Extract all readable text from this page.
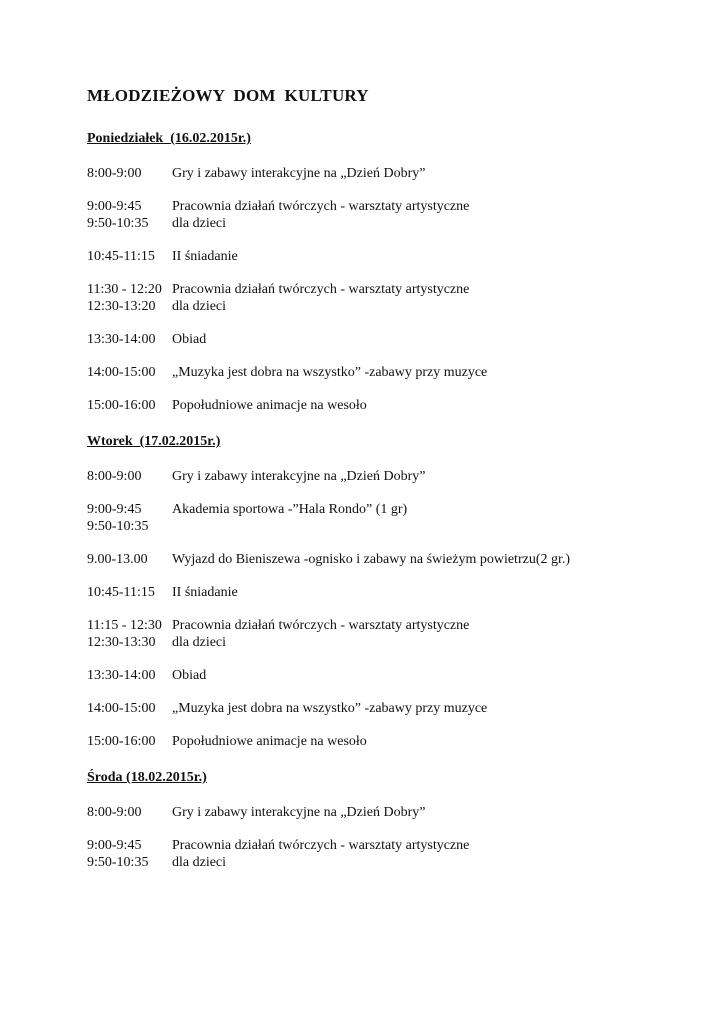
MŁODZIEŻOWY  DOM  KULTURY
Poniedziałek  (16.02.2015r.)
8:00-9:00	Gry i zabawy interakcyjne na „Dzień Dobry”
9:00-9:45	Pracownia działań twórczych - warsztaty artystyczne
9:50-10:35	dla dzieci
10:45-11:15	II śniadanie
11:30 - 12:20 Pracownia działań twórczych - warsztaty artystyczne
12:30-13:20	dla dzieci
13:30-14:00	Obiad
14:00-15:00	„Muzyka jest dobra na wszystko” -zabawy przy muzyce
15:00-16:00	Popołudniowe animacje na wesoło
Wtorek  (17.02.2015r.)
8:00-9:00	Gry i zabawy interakcyjne na „Dzień Dobry”
9:00-9:45	Akademia sportowa -”Hala Rondo” (1 gr)
9:50-10:35
9.00-13.00	Wyjazd do Bieniszewa -ognisko i zabawy na świeżym powietrzu(2 gr.)
10:45-11:15	II śniadanie
11:15 - 12:30 Pracownia działań twórczych - warsztaty artystyczne
12:30-13:30	dla dzieci
13:30-14:00	Obiad
14:00-15:00	„Muzyka jest dobra na wszystko” -zabawy przy muzyce
15:00-16:00	Popołudniowe animacje na wesoło
Środa (18.02.2015r.)
8:00-9:00	Gry i zabawy interakcyjne na „Dzień Dobry”
9:00-9:45	Pracownia działań twórczych - warsztaty artystyczne
9:50-10:35	dla dzieci
